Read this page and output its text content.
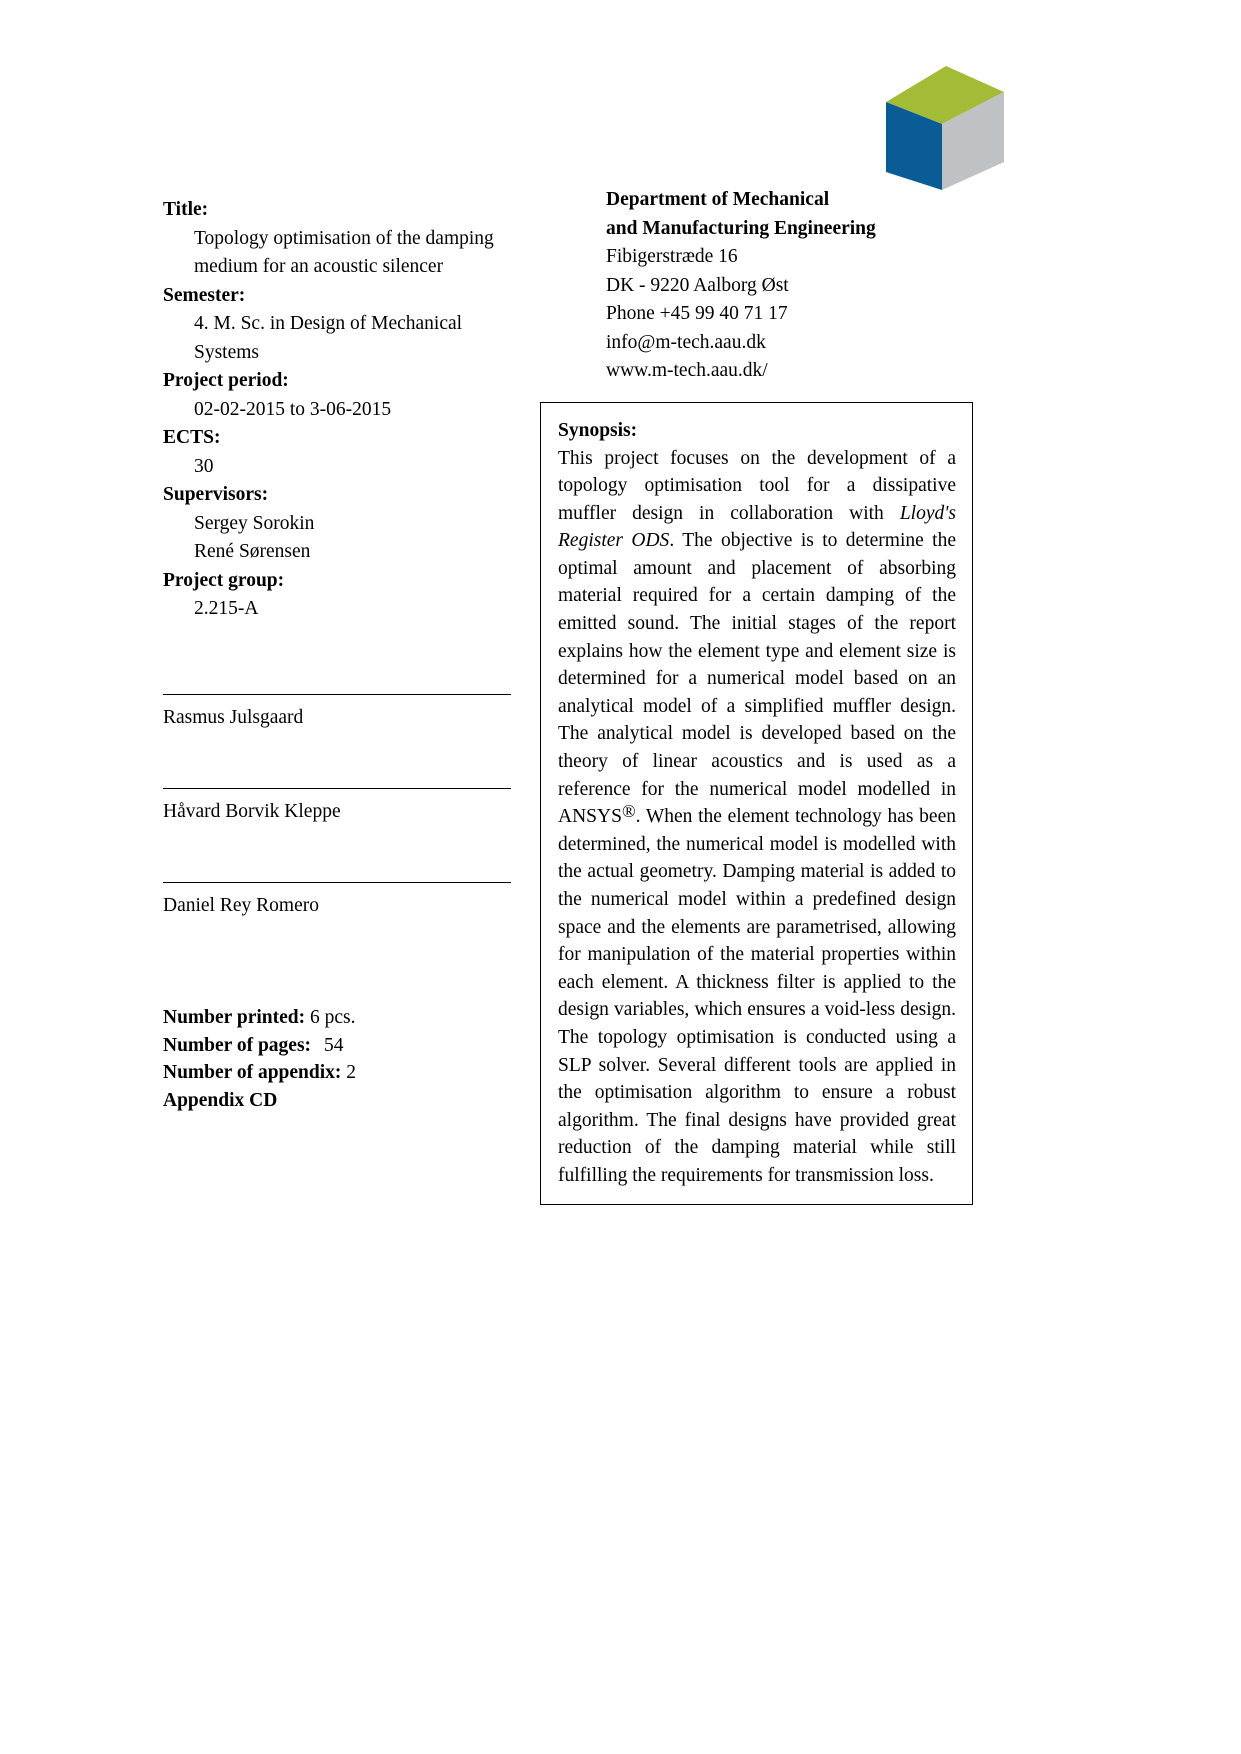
Title:

Topology optimisation of the damping

medium for an acoustic silencer

Semester:

4. M. Sc. in Design of Mechanical

Systems

Project period:

02-02-2015 to 3-06-2015

ECTS:

30

Supervisors:

Sergey Sorokin

René Sørensen

Project group:

2.215-A

Rasmus Julsgaard
Håvard Borvik Kleppe
Daniel Rey Romero

Number printed: 6 pcs.

Number of pages: 54

Number of appendix: 2

Appendix CD

Department of Mechanical

and Manufacturing Engineering

Fibigerstræde 16

DK - 9220 Aalborg Øst

Phone +45 99 40 71 17

info@m-tech.aau.dk

www.m-tech.aau.dk/

Synopsis:

This project focuses on the development of a topology optimisation tool for a dissipative muffler design in collaboration with Lloyd's Register ODS. The objective is to determine the optimal amount and placement of absorbing material required for a certain damping of the emitted sound. The initial stages of the report explains how the element type and element size is determined for a numerical model based on an analytical model of a simplified muffler design. The analytical model is developed based on the theory of linear acoustics and is used as a reference for the numerical model modelled in ANSYS®. When the element technology has been determined, the numerical model is modelled with the actual geometry. Damping material is added to the numerical model within a predefined design space and the elements are parametrised, allowing for manipulation of the material properties within each element. A thickness filter is applied to the design variables, which ensures a void-less design. The topology optimisation is conducted using a SLP solver. Several different tools are applied in the optimisation algorithm to ensure a robust algorithm. The final designs have provided great reduction of the damping material while still fulfilling the requirements for transmission loss.
